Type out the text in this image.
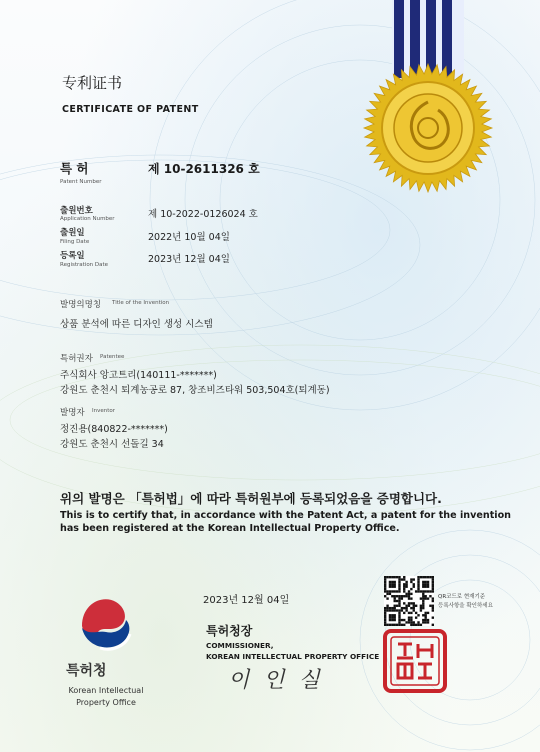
专利证书
CERTIFICATE OF PATENT
특 허
Patent Number
제 10-2611326 호
출원번호
Application Number	제 10-2022-0126024 호
출원일
Filing Date	2022년 10월 04일
등록일
Registration Date	2023년 12월 04일
발명의명칭 Title of the Invention
상품 분석에 따른 디자인 생성 시스템
특허권자 Patentee
주식회사 앙고트리(140111-*******)
강원도 춘천시 퇴계농공로 87, 창조비즈타워 503,504호(퇴계동)
발명자 Inventor
정진용(840822-*******)
강원도 춘천시 선돌길 34
위의 발명은 「특허법」에 따라 특허원부에 등록되었음을 증명합니다.
This is to certify that, in accordance with the Patent Act, a patent for the invention
has been registered at the Korean Intellectual Property Office.
2023년 12월 04일
특허청장
COMMISSIONER,
KOREAN INTELLECTUAL PROPERTY OFFICE
이인실
QR코드로 현재기준
등록사항을 확인하세요
특허청
Korean Intellectual
Property Office
